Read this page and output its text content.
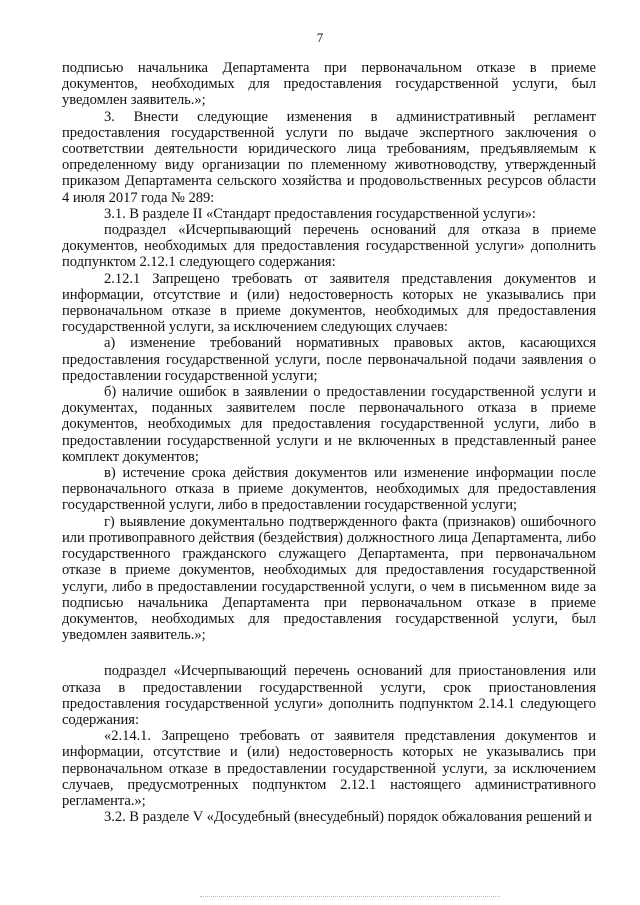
7

подписью начальника Департамента при первоначальном отказе в приеме документов, необходимых для предоставления государственной услуги, был уведомлен заявитель.»;

3. Внести следующие изменения в административный регламент предоставления государственной услуги по выдаче экспертного заключения о соответствии деятельности юридического лица требованиям, предъявляемым к определенному виду организации по племенному животноводству, утвержденный приказом Департамента сельского хозяйства и продовольственных ресурсов области 4 июля 2017 года № 289:

3.1. В разделе II «Стандарт предоставления государственной услуги»:

подраздел «Исчерпывающий перечень оснований для отказа в приеме документов, необходимых для предоставления государственной услуги» дополнить подпунктом 2.12.1 следующего содержания:

2.12.1 Запрещено требовать от заявителя представления документов и информации, отсутствие и (или) недостоверность которых не указывались при первоначальном отказе в приеме документов, необходимых для предоставления государственной услуги, за исключением следующих случаев:

а) изменение требований нормативных правовых актов, касающихся предоставления государственной услуги, после первоначальной подачи заявления о предоставлении государственной услуги;

б) наличие ошибок в заявлении о предоставлении государственной услуги и документах, поданных заявителем после первоначального отказа в приеме документов, необходимых для предоставления государственной услуги, либо в предоставлении государственной услуги и не включенных в представленный ранее комплект документов;

в) истечение срока действия документов или изменение информации после первоначального отказа в приеме документов, необходимых для предоставления государственной услуги, либо в предоставлении государственной услуги;

г) выявление документально подтвержденного факта (признаков) ошибочного или противоправного действия (бездействия) должностного лица Департамента, либо государственного гражданского служащего Департамента, при первоначальном отказе в приеме документов, необходимых для предоставления государственной услуги, либо в предоставлении государственной услуги, о чем в письменном виде за подписью начальника Департамента при первоначальном отказе в приеме документов, необходимых для предоставления государственной услуги, был уведомлен заявитель.»;

подраздел «Исчерпывающий перечень оснований для приостановления или отказа в предоставлении государственной услуги, срок приостановления предоставления государственной услуги» дополнить подпунктом 2.14.1 следующего содержания:

«2.14.1. Запрещено требовать от заявителя представления документов и информации, отсутствие и (или) недостоверность которых не указывались при первоначальном отказе в предоставлении государственной услуги, за исключением случаев, предусмотренных подпунктом 2.12.1 настоящего административного регламента.»;

3.2. В разделе V «Досудебный (внесудебный) порядок обжалования решений и
